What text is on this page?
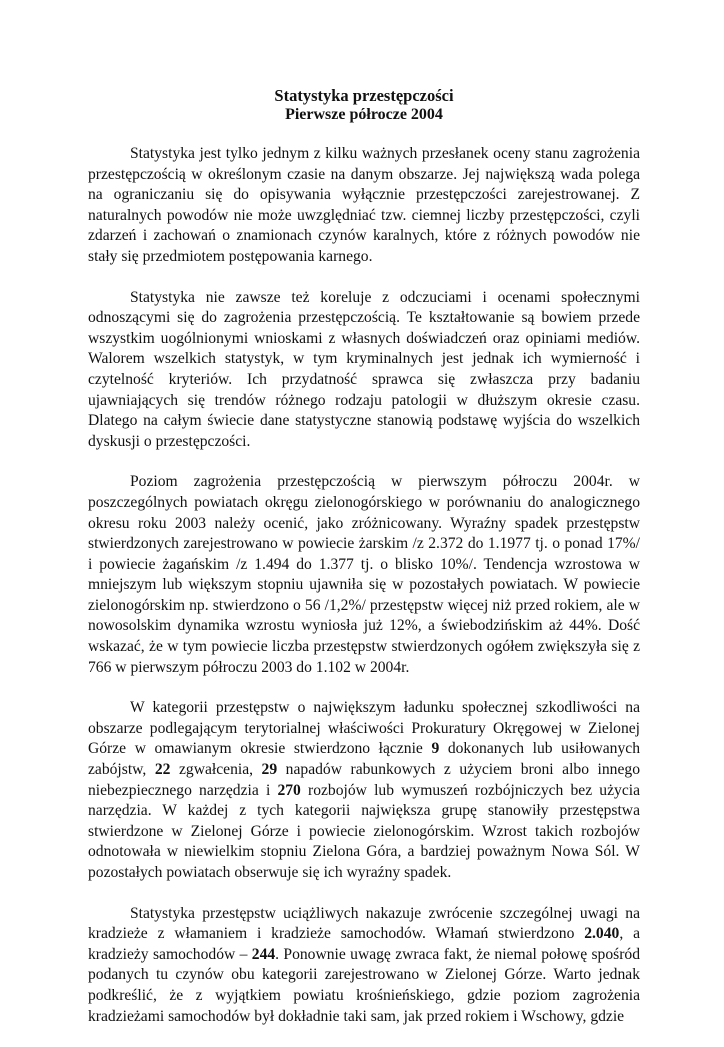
Statystyka przestępczości
Pierwsze półrocze 2004

Statystyka jest tylko jednym z kilku ważnych przesłanek oceny stanu zagrożenia przestępczością w określonym czasie na danym obszarze. Jej największą wada polega na ograniczaniu się do opisywania wyłącznie przestępczości zarejestrowanej. Z naturalnych powodów nie może uwzględniać tzw. ciemnej liczby przestępczości, czyli zdarzeń i zachowań o znamionach czynów karalnych, które z różnych powodów nie stały się przedmiotem postępowania karnego.

Statystyka nie zawsze też koreluje z odczuciami i ocenami społecznymi odnoszącymi się do zagrożenia przestępczością. Te kształtowanie są bowiem przede wszystkim uogólnionymi wnioskami z własnych doświadczeń oraz opiniami mediów. Walorem wszelkich statystyk, w tym kryminalnych jest jednak ich wymierność i czytelność kryteriów. Ich przydatność sprawca się zwłaszcza przy badaniu ujawniających się trendów różnego rodzaju patologii w dłuższym okresie czasu. Dlatego na całym świecie dane statystyczne stanowią podstawę wyjścia do wszelkich dyskusji o przestępczości.

Poziom zagrożenia przestępczością w pierwszym półroczu 2004r. w poszczególnych powiatach okręgu zielonogórskiego w porównaniu do analogicznego okresu roku 2003 należy ocenić, jako zróżnicowany. Wyraźny spadek przestępstw stwierdzonych zarejestrowano w powiecie żarskim /z 2.372 do 1.1977 tj. o ponad 17%/ i powiecie żagańskim /z 1.494 do 1.377 tj. o blisko 10%/. Tendencja wzrostowa w mniejszym lub większym stopniu ujawniła się w pozostałych powiatach. W powiecie zielonogórskim np. stwierdzono o 56 /1,2%/ przestępstw więcej niż przed rokiem, ale w nowosolskim dynamika wzrostu wyniosła już 12%, a świebodzińskim aż 44%. Dość wskazać, że w tym powiecie liczba przestępstw stwierdzonych ogółem zwiększyła się z 766 w pierwszym półroczu 2003 do 1.102 w 2004r.

W kategorii przestępstw o największym ładunku społecznej szkodliwości na obszarze podlegającym terytorialnej właściwości Prokuratury Okręgowej w Zielonej Górze w omawianym okresie stwierdzono łącznie 9 dokonanych lub usiłowanych zabójstw, 22 zgwałcenia, 29 napadów rabunkowych z użyciem broni albo innego niebezpiecznego narzędzia i 270 rozbojów lub wymuszeń rozbójniczych bez użycia narzędzia. W każdej z tych kategorii największa grupę stanowiły przestępstwa stwierdzone w Zielonej Górze i powiecie zielonogórskim. Wzrost takich rozbojów odnotowała w niewielkim stopniu Zielona Góra, a bardziej poważnym Nowa Sól. W pozostałych powiatach obserwuje się ich wyraźny spadek.

Statystyka przestępstw uciążliwych nakazuje zwrócenie szczególnej uwagi na kradzieże z włamaniem i kradzieże samochodów. Włamań stwierdzono 2.040, a kradzieży samochodów – 244. Ponownie uwagę zwraca fakt, że niemal połowę spośród podanych tu czynów obu kategorii zarejestrowano w Zielonej Górze. Warto jednak podkreślić, że z wyjątkiem powiatu krośnieńskiego, gdzie poziom zagrożenia kradzieżami samochodów był dokładnie taki sam, jak przed rokiem i Wschowy, gdzie
